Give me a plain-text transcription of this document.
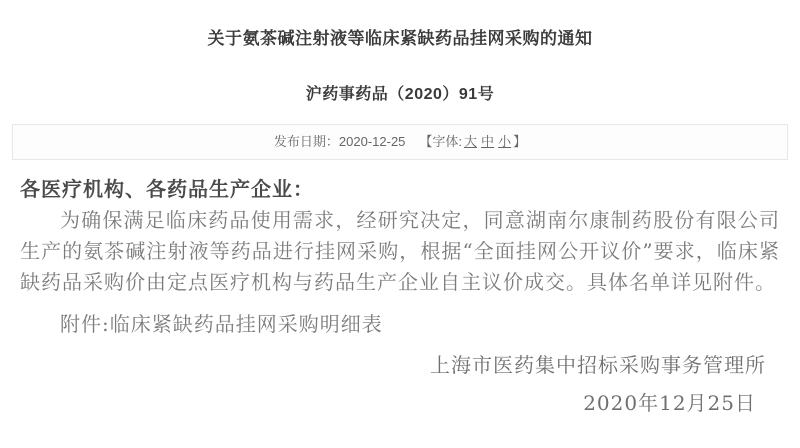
关于氨茶碱注射液等临床紧缺药品挂网采购的通知
沪药事药品（2020）91号
发布日期：2020-12-25 【字体: 大 中 小 】
各医疗机构、各药品生产企业：
为确保满足临床药品使用需求，经研究决定，同意湖南尔康制药股份有限公司生产的氨茶碱注射液等药品进行挂网采购，根据“全面挂网公开议价”要求，临床紧缺药品采购价由定点医疗机构与药品生产企业自主议价成交。具体名单详见附件。
附件:临床紧缺药品挂网采购明细表
上海市医药集中招标采购事务管理所
2020年12月25日
